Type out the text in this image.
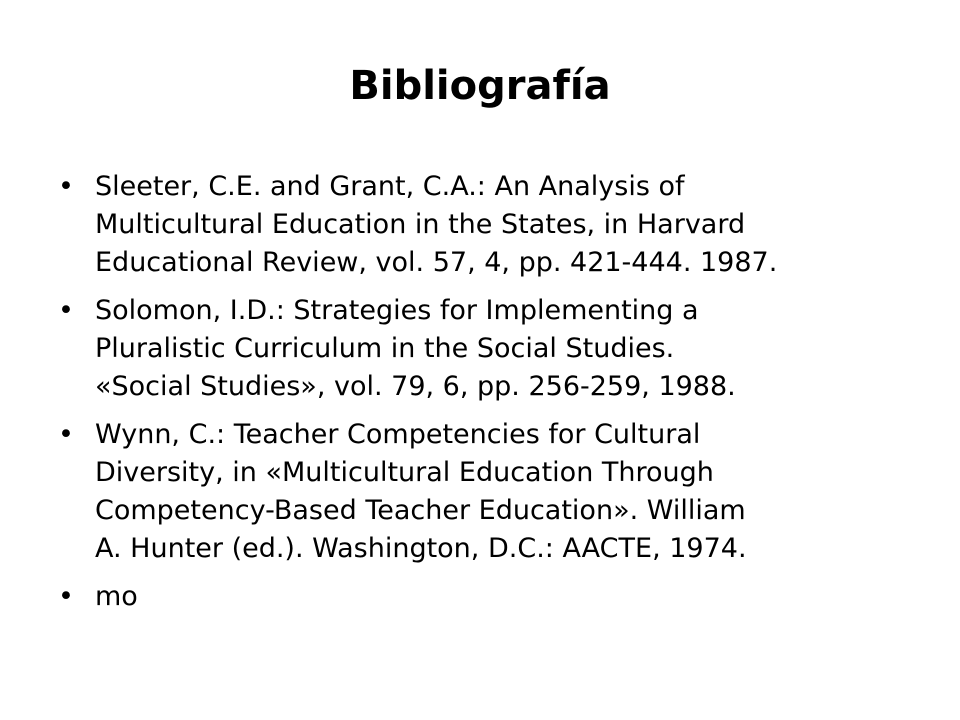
Bibliografía
• Sleeter, C.E. and Grant, C.A.: An Analysis of
Multicultural Education in the States, in Harvard
Educational Review, vol. 57, 4, pp. 421-444. 1987.
• Solomon, I.D.: Strategies for Implementing a
Pluralistic Curriculum in the Social Studies.
«Social Studies», vol. 79, 6, pp. 256-259, 1988.
• Wynn, C.: Teacher Competencies for Cultural
Diversity, in «Multicultural Education Through
Competency-Based Teacher Education». William
A. Hunter (ed.). Washington, D.C.: AACTE, 1974.
• mo
